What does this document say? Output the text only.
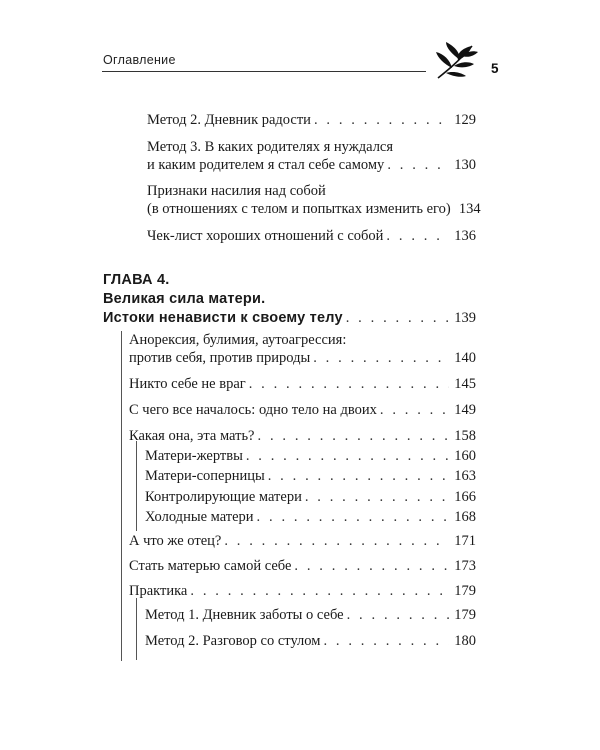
Оглавление
5
Метод 2. Дневник радости . . .	129
Метод 3. В каких родителях я нуждался
и каким родителем я стал себе самому . . .	130
Признаки насилия над собой
(в отношениях с телом и попытках изменить его) 134
Чек-лист хороших отношений с собой . . .	136
ГЛАВА 4.
Великая сила матери.
Истоки ненависти к своему телу . . .	139
Анорексия, булимия, аутоагрессия:
против себя, против природы . . .	140
Никто себе не враг . . .	145
С чего все началось: одно тело на двоих . . .	149
Какая она, эта мать? . . .	158
Матери-жертвы . . .	160
Матери-соперницы . . .	163
Контролирующие матери . . .	166
Холодные матери . . .	168
А что же отец? . . .	171
Стать матерью самой себе . . .	173
Практика . . .	179
Метод 1. Дневник заботы о себе . . .	179
Метод 2. Разговор со стулом . . .	180
